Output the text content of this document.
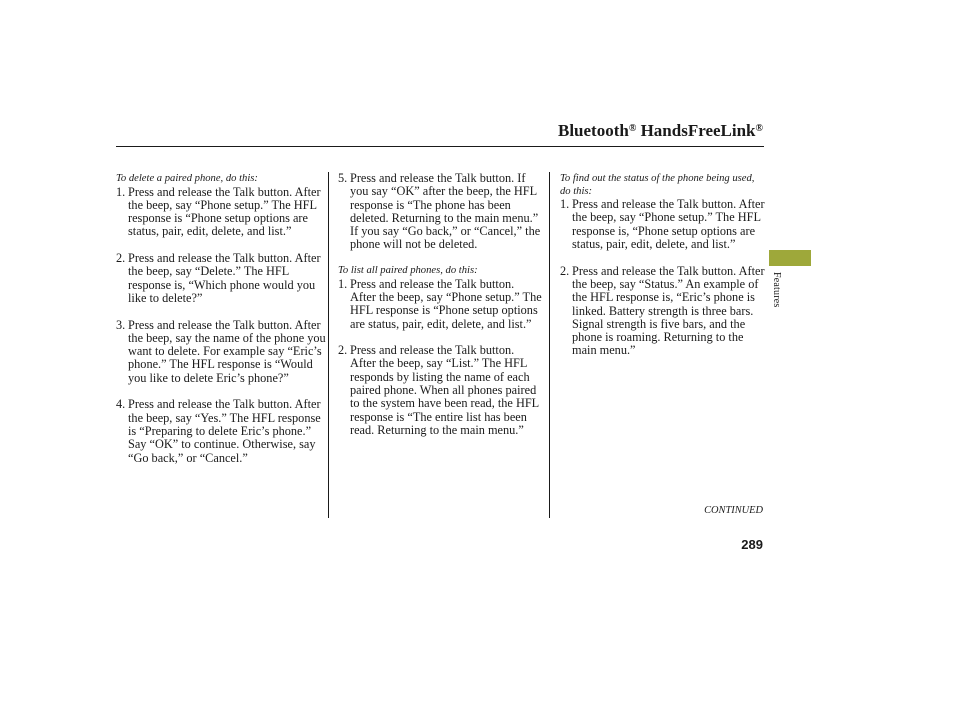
Bluetooth® HandsFreeLink®
To delete a paired phone, do this:
1. Press and release the Talk button. After the beep, say “Phone setup.” The HFL response is “Phone setup options are status, pair, edit, delete, and list.”
2. Press and release the Talk button. After the beep, say “Delete.” The HFL response is, “Which phone would you like to delete?”
3. Press and release the Talk button. After the beep, say the name of the phone you want to delete. For example say “Eric’s phone.” The HFL response is “Would you like to delete Eric’s phone?”
4. Press and release the Talk button. After the beep, say “Yes.” The HFL response is “Preparing to delete Eric’s phone.” Say “OK” to continue. Otherwise, say “Go back,” or “Cancel.”
5. Press and release the Talk button. If you say “OK” after the beep, the HFL response is “The phone has been deleted. Returning to the main menu.” If you say “Go back,” or “Cancel,” the phone will not be deleted.
To list all paired phones, do this:
1. Press and release the Talk button. After the beep, say “Phone setup.” The HFL response is “Phone setup options are status, pair, edit, delete, and list.”
2. Press and release the Talk button. After the beep, say “List.” The HFL responds by listing the name of each paired phone. When all phones paired to the system have been read, the HFL response is “The entire list has been read. Returning to the main menu.”
To find out the status of the phone being used, do this:
1. Press and release the Talk button. After the beep, say “Phone setup.” The HFL response is, “Phone setup options are status, pair, edit, delete, and list.”
2. Press and release the Talk button. After the beep, say “Status.” An example of the HFL response is, “Eric’s phone is linked. Battery strength is three bars. Signal strength is five bars, and the phone is roaming. Returning to the main menu.”
Features
CONTINUED
289
